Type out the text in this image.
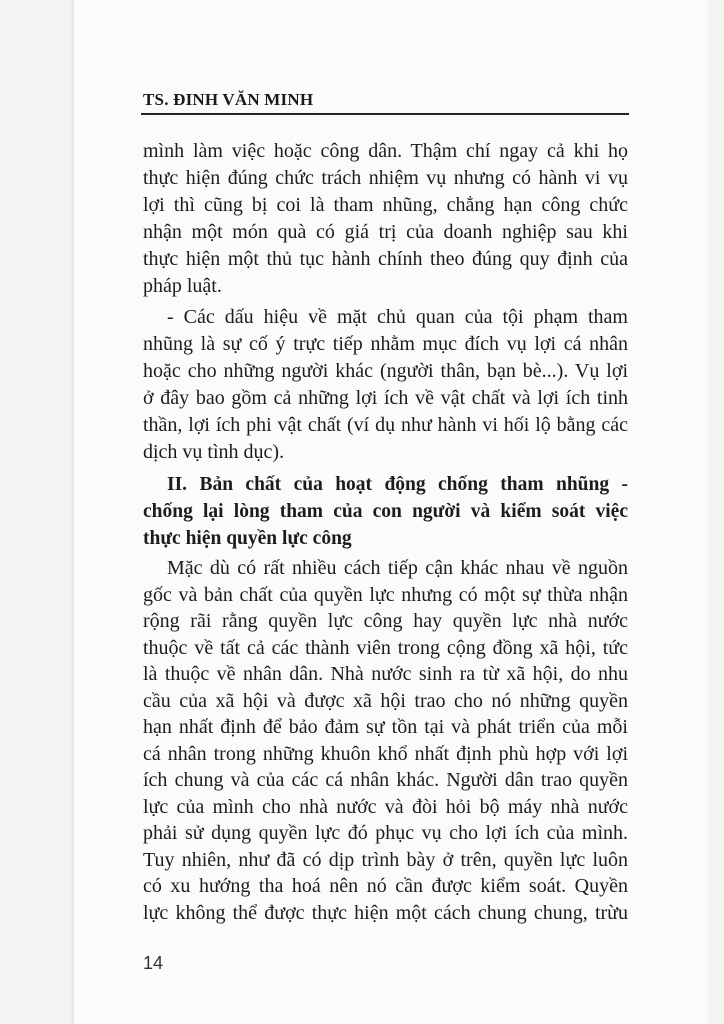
TS. ĐINH VĂN MINH
mình làm việc hoặc công dân. Thậm chí ngay cả khi họ
thực hiện đúng chức trách nhiệm vụ nhưng có hành vi vụ
lợi thì cũng bị coi là tham nhũng, chẳng hạn công chức
nhận một món quà có giá trị của doanh nghiệp sau khi
thực hiện một thủ tục hành chính theo đúng quy định của
pháp luật.
- Các dấu hiệu về mặt chủ quan của tội phạm tham
nhũng là sự cố ý trực tiếp nhằm mục đích vụ lợi cá nhân
hoặc cho những người khác (người thân, bạn bè...). Vụ lợi
ở đây bao gồm cả những lợi ích về vật chất và lợi ích tinh
thần, lợi ích phi vật chất (ví dụ như hành vi hối lộ bằng các
dịch vụ tình dục).
II. Bản chất của hoạt động chống tham nhũng -
chống lại lòng tham của con người và kiểm soát việc
thực hiện quyền lực công
Mặc dù có rất nhiều cách tiếp cận khác nhau về nguồn
gốc và bản chất của quyền lực nhưng có một sự thừa nhận
rộng rãi rằng quyền lực công hay quyền lực nhà nước
thuộc về tất cả các thành viên trong cộng đồng xã hội, tức
là thuộc về nhân dân. Nhà nước sinh ra từ xã hội, do nhu
cầu của xã hội và được xã hội trao cho nó những quyền
hạn nhất định để bảo đảm sự tồn tại và phát triển của mỗi
cá nhân trong những khuôn khổ nhất định phù hợp với lợi
ích chung và của các cá nhân khác. Người dân trao quyền
lực của mình cho nhà nước và đòi hỏi bộ máy nhà nước
phải sử dụng quyền lực đó phục vụ cho lợi ích của mình.
Tuy nhiên, như đã có dịp trình bày ở trên, quyền lực luôn
có xu hướng tha hoá nên nó cần được kiểm soát. Quyền
lực không thể được thực hiện một cách chung chung, trừu
14
